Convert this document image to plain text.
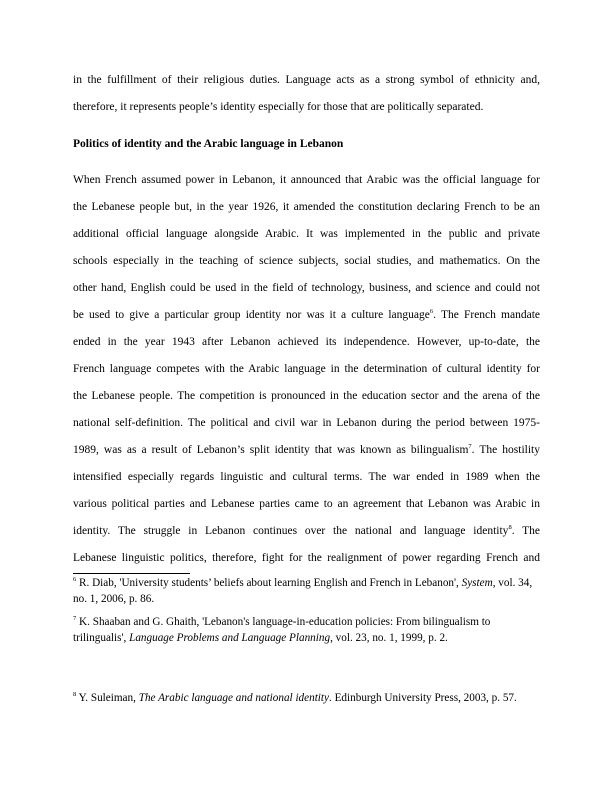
in the fulfillment of their religious duties. Language acts as a strong symbol of ethnicity and,
therefore, it represents people’s identity especially for those that are politically separated.
Politics of identity and the Arabic language in Lebanon
When French assumed power in Lebanon, it announced that Arabic was the official language for
the Lebanese people but, in the year 1926, it amended the constitution declaring French to be an
additional official language alongside Arabic. It was implemented in the public and private
schools especially in the teaching of science subjects, social studies, and mathematics. On the
other hand, English could be used in the field of technology, business, and science and could not
be used to give a particular group identity nor was it a culture language$^6$. The French mandate
ended in the year 1943 after Lebanon achieved its independence. However, up-to-date, the
French language competes with the Arabic language in the determination of cultural identity for
the Lebanese people. The competition is pronounced in the education sector and the arena of the
national self-definition. The political and civil war in Lebanon during the period between 1975-
1989, was as a result of Lebanon’s split identity that was known as bilingualism$^7$. The hostility
intensified especially regards linguistic and cultural terms. The war ended in 1989 when the
various political parties and Lebanese parties came to an agreement that Lebanon was Arabic in
identity. The struggle in Lebanon continues over the national and language identity$^8$. The
Lebanese linguistic politics, therefore, fight for the realignment of power regarding French and
$^6$ R. Diab, 'University students’ beliefs about learning English and French in Lebanon', System, vol. 34, no. 1, 2006, p. 86.
$^7$ K. Shaaban and G. Ghaith, 'Lebanon's language-in-education policies: From bilingualism to trilingualis', Language Problems and Language Planning, vol. 23, no. 1, 1999, p. 2.
$^8$ Y. Suleiman, The Arabic language and national identity. Edinburgh University Press, 2003, p. 57.
